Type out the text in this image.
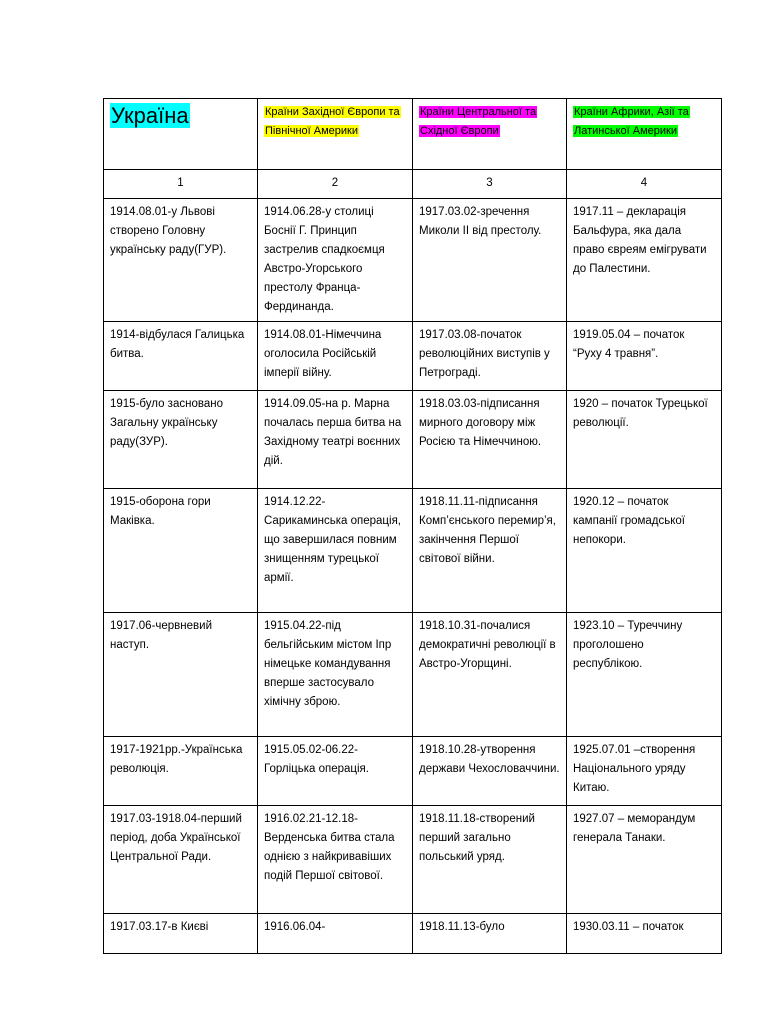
Україна	Країни Західної Європи та Північної Америки	Країни Центральної та Східної Європи	Країни Африки, Азії та Латинської Америки
1	2	3	4
1914.08.01-у Львові створено Головну українську раду(ГУР).	1914.06.28-у столиці Боснії Г. Принцип застрелив спадкоємця Австро-Угорського престолу Франца-Фердинанда.	1917.03.02-зречення Миколи ІІ від престолу.	1917.11 – декларація Бальфура, яка дала право євреям емігрувати до Палестини.
1914-відбулася Галицька битва.	1914.08.01-Німеччина оголосила Російській імперії війну.	1917.03.08-початок революційних виступів у Петрограді.	1919.05.04 – початок “Руху 4 травня”.
1915-було засновано Загальну українську раду(ЗУР).	1914.09.05-на р. Марна почалась перша битва на Західному театрі воєнних дій.	1918.03.03-підписання мирного договору між Росією та Німеччиною.	1920 – початок Турецької революції.
1915-оборона гори Маківка.	1914.12.22-Сарикаминська операція, що завершилася повним знищенням турецької армії.	1918.11.11-підписання Комп’єнського перемир’я, закінчення Першої світової війни.	1920.12 – початок кампанії громадської непокори.
1917.06-червневий наступ.	1915.04.22-під бельгійським містом Іпр німецьке командування вперше застосувало хімічну зброю.	1918.10.31-почалися демократичні революції в Австро-Угорщині.	1923.10 – Туреччину проголошено республікою.
1917-1921рр.-Українська революція.	1915.05.02-06.22-Горліцька операція.	1918.10.28-утворення держави Чехословаччини.	1925.07.01 –створення Національного уряду Китаю.
1917.03-1918.04-перший період, доба Української Центральної Ради.	1916.02.21-12.18-Верденська битва стала однією з найкривавіших подій Першої світової.	1918.11.18-створений перший загально польський уряд.	1927.07 – меморандум генерала Танаки.
1917.03.17-в Києві	1916.06.04-	1918.11.13-було	1930.03.11 – початок
